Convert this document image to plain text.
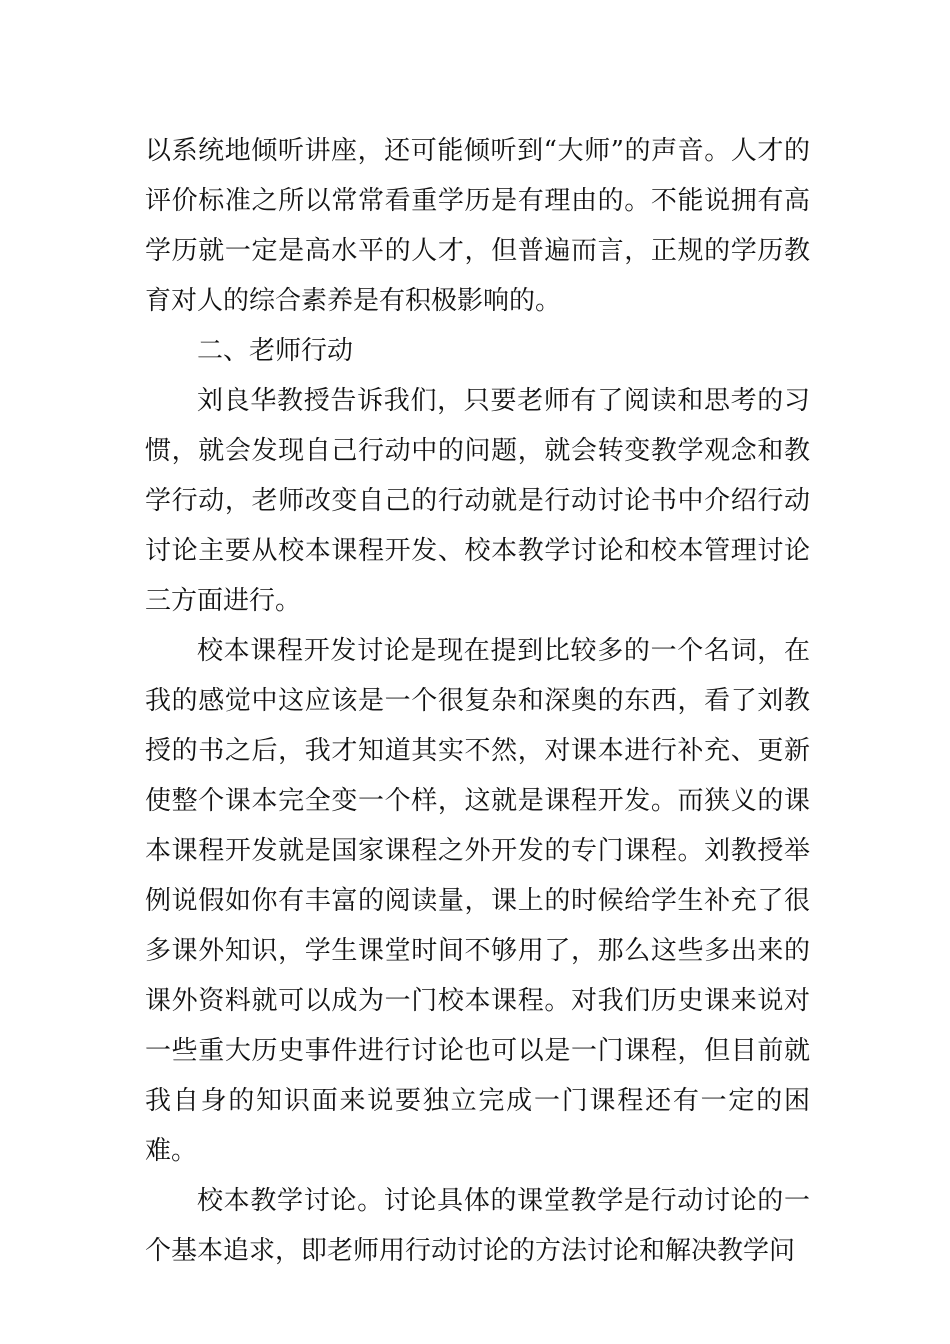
以系统地倾听讲座，还可能倾听到“大师”的声音。人才的评价标准之所以常常看重学历是有理由的。不能说拥有高学历就一定是高水平的人才，但普遍而言，正规的学历教育对人的综合素养是有积极影响的。

二、老师行动

刘良华教授告诉我们，只要老师有了阅读和思考的习惯，就会发现自己行动中的问题，就会转变教学观念和教学行动，老师改变自己的行动就是行动讨论书中介绍行动讨论主要从校本课程开发、校本教学讨论和校本管理讨论三方面进行。

校本课程开发讨论是现在提到比较多的一个名词，在我的感觉中这应该是一个很复杂和深奥的东西，看了刘教授的书之后，我才知道其实不然，对课本进行补充、更新使整个课本完全变一个样，这就是课程开发。而狭义的课本课程开发就是国家课程之外开发的专门课程。刘教授举例说假如你有丰富的阅读量，课上的时候给学生补充了很多课外知识，学生课堂时间不够用了，那么这些多出来的课外资料就可以成为一门校本课程。对我们历史课来说对一些重大历史事件进行讨论也可以是一门课程，但目前就我自身的知识面来说要独立完成一门课程还有一定的困难。

校本教学讨论。讨论具体的课堂教学是行动讨论的一个基本追求，即老师用行动讨论的方法讨论和解决教学问
